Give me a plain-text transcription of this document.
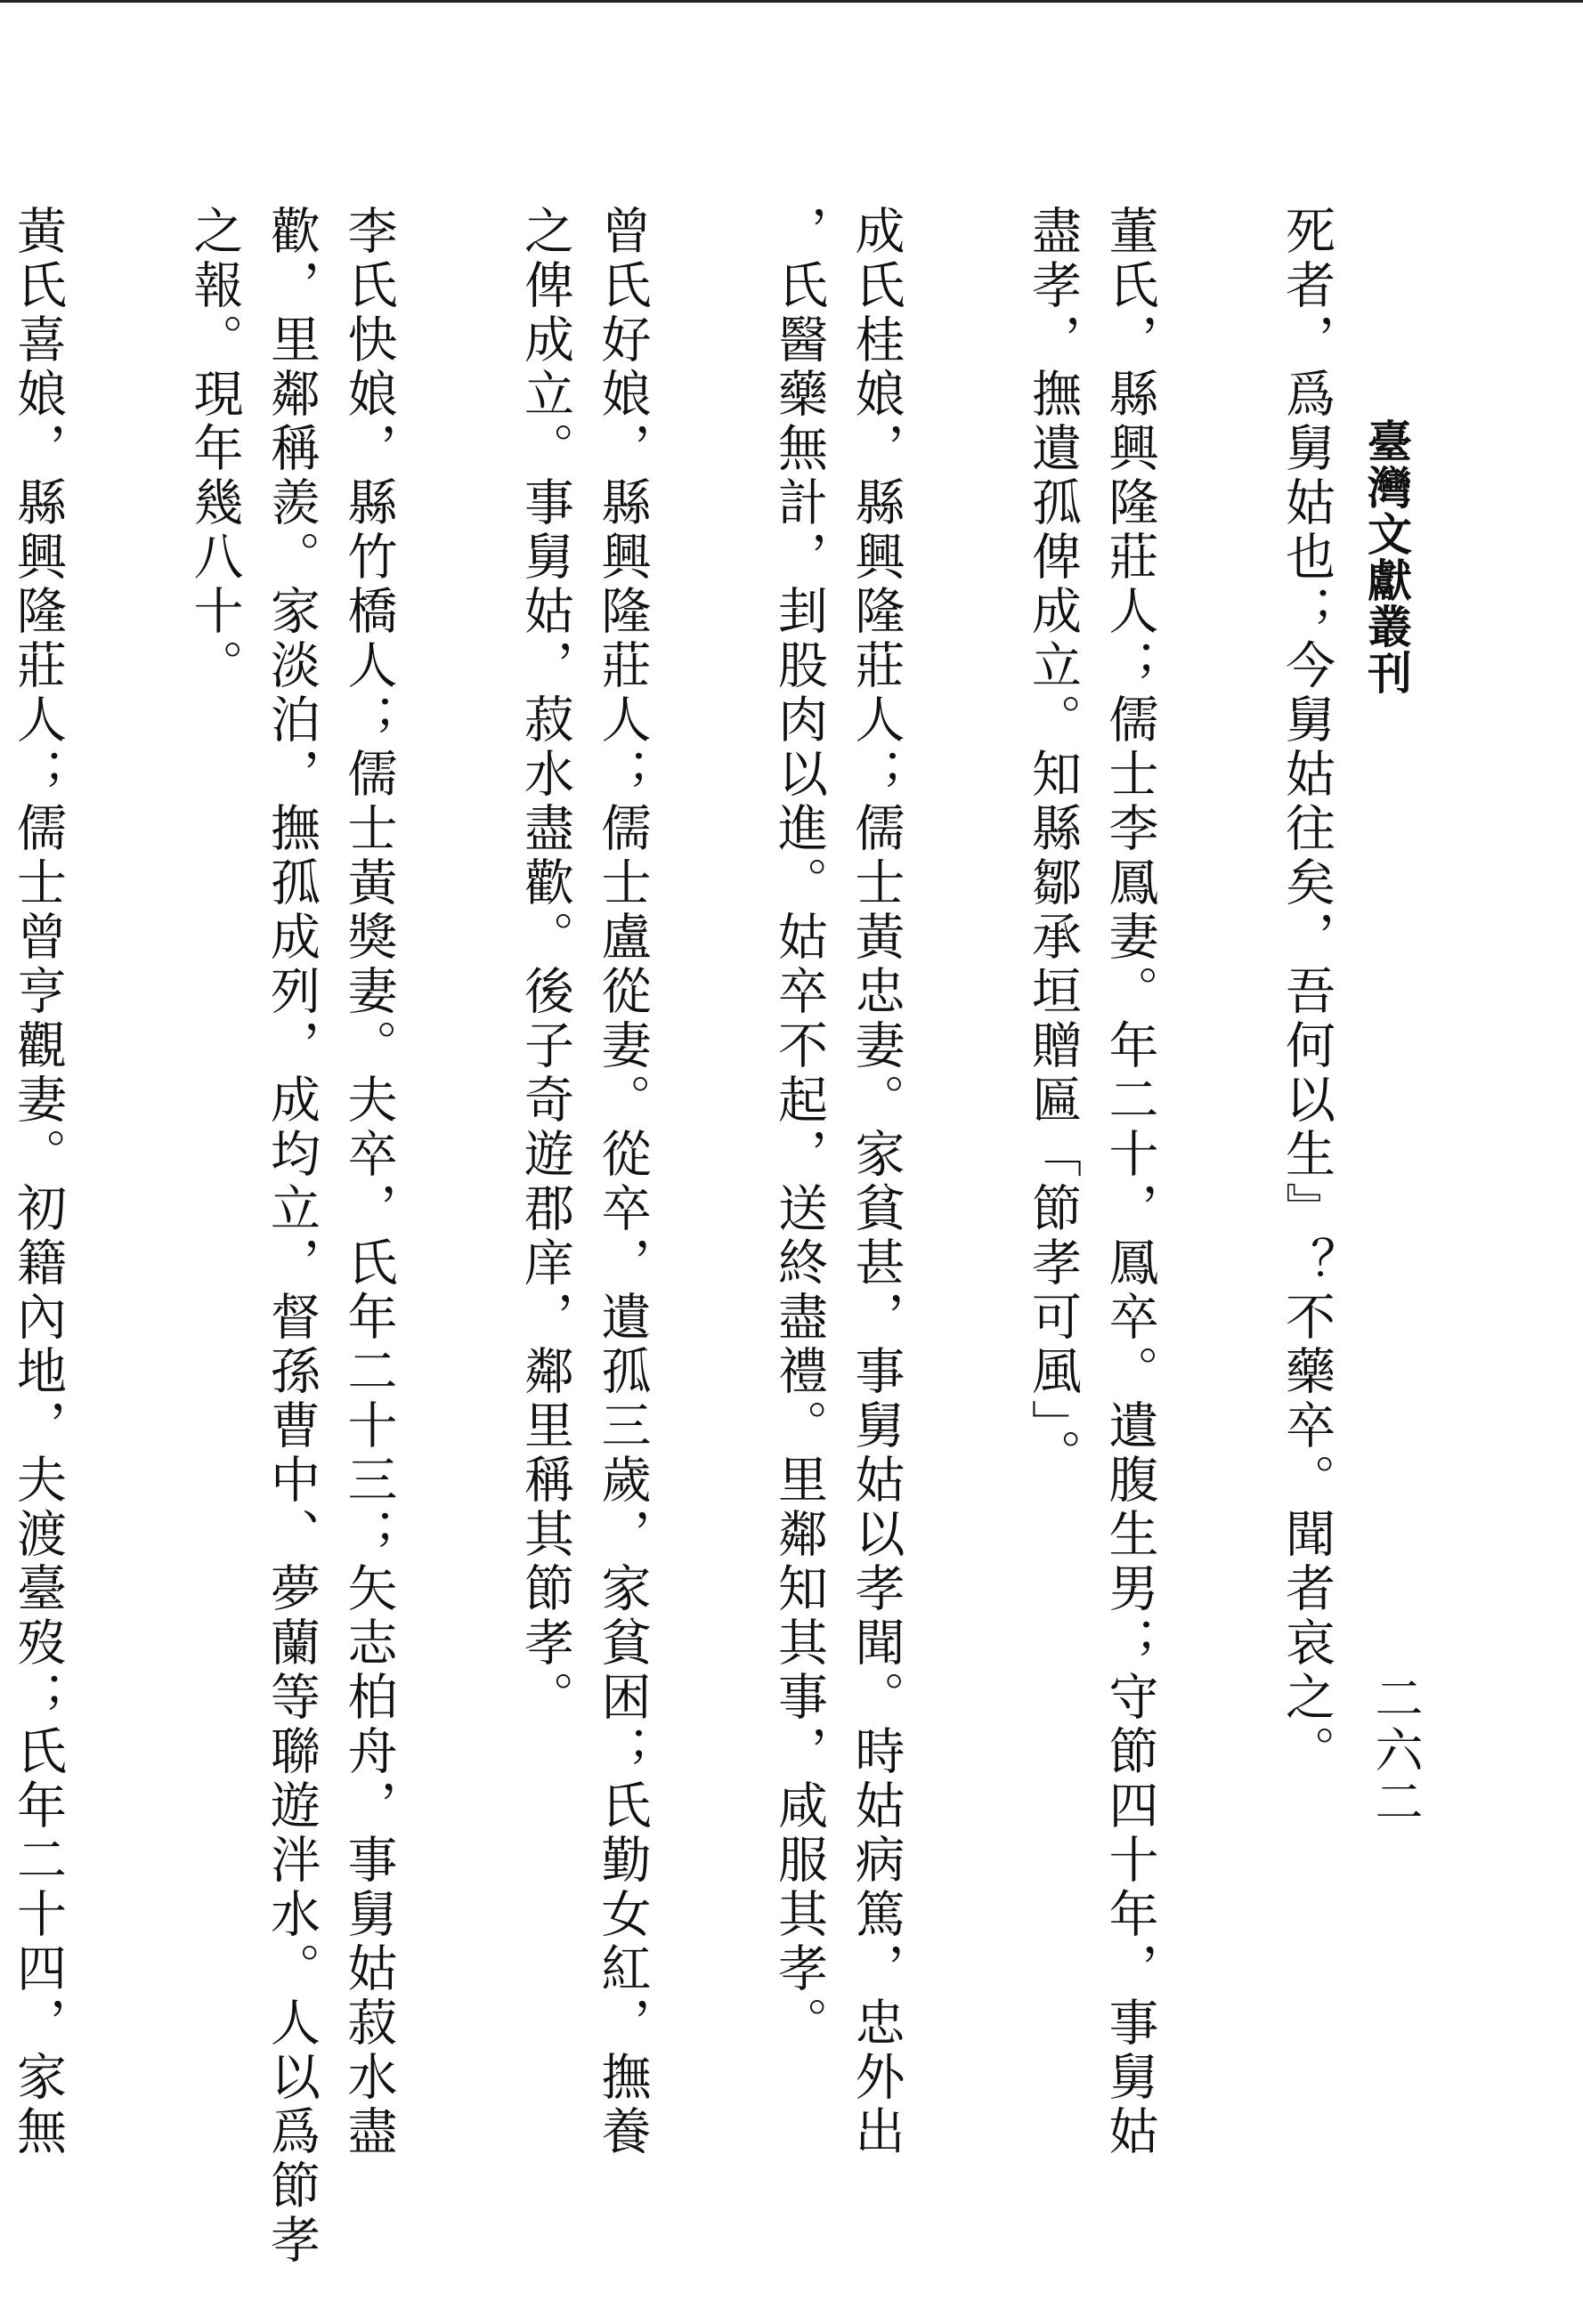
臺灣文獻叢刊
二六二
死者，爲舅姑也；今舅姑往矣，吾何以生』？不藥卒。聞者哀之。
董氏，縣興隆莊人；儒士李鳳妻。年二十，鳳卒。遺腹生男；守節四十年，事舅姑
盡孝，撫遺孤俾成立。知縣鄒承垣贈匾「節孝可風」。
成氏桂娘，縣興隆莊人；儒士黃忠妻。家貧甚，事舅姑以孝聞。時姑病篤，忠外出
，氏醫藥無計，刲股肉以進。姑卒不起，送終盡禮。里鄰知其事，咸服其孝。
曾氏好娘，縣興隆莊人；儒士盧從妻。從卒，遺孤三歲，家貧困；氏勤女紅，撫養
之俾成立。事舅姑，菽水盡歡。後子奇遊郡庠，鄰里稱其節孝。
李氏快娘，縣竹橋人；儒士黃獎妻。夫卒，氏年二十三；矢志柏舟，事舅姑菽水盡
歡，里鄰稱羨。家淡泊，撫孤成列，成均立，督孫曹中、夢蘭等聯遊泮水。人以爲節孝
之報。現年幾八十。
黃氏喜娘，縣興隆莊人；儒士曾亨觀妻。初籍內地，夫渡臺歿；氏年二十四，家無
